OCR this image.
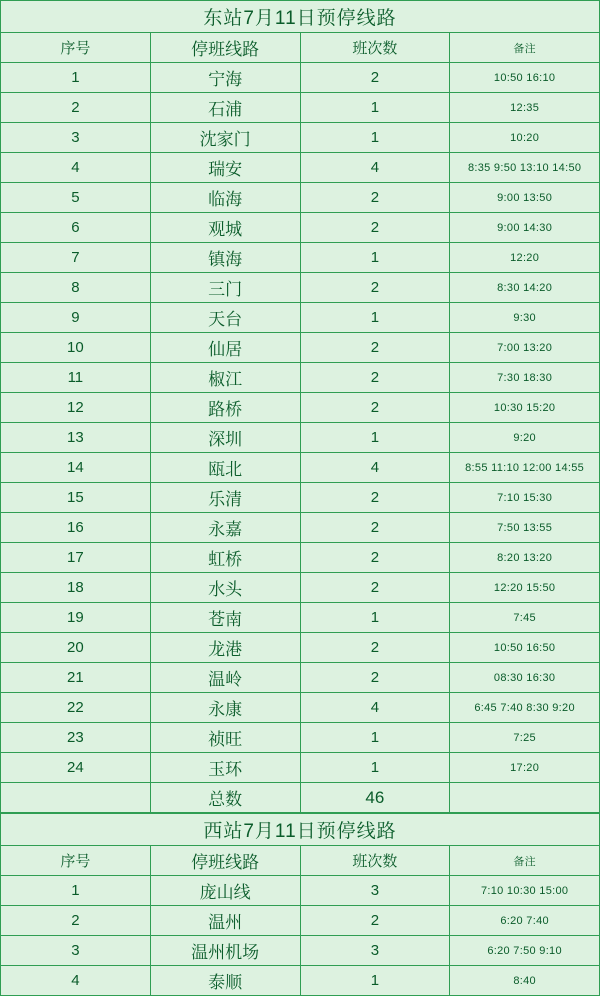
东站7月11日预停线路			
序号	停班线路	班次数	备注
1	宁海	2	10:50 16:10
2	石浦	1	12:35
3	沈家门	1	10:20
4	瑞安	4	8:35 9:50 13:10 14:50
5	临海	2	9:00 13:50
6	观城	2	9:00 14:30
7	镇海	1	12:20
8	三门	2	8:30 14:20
9	天台	1	9:30
10	仙居	2	7:00 13:20
11	椒江	2	7:30 18:30
12	路桥	2	10:30 15:20
13	深圳	1	9:20
14	瓯北	4	8:55 11:10 12:00 14:55
15	乐清	2	7:10 15:30
16	永嘉	2	7:50 13:55
17	虹桥	2	8:20 13:20
18	水头	2	12:20 15:50
19	苍南	1	7:45
20	龙港	2	10:50 16:50
21	温岭	2	08:30 16:30
22	永康	4	6:45 7:40 8:30 9:20
23	祯旺	1	7:25
24	玉环	1	17:20
	总数	46	
西站7月11日预停线路			
序号	停班线路	班次数	备注
1	庞山线	3	7:10 10:30 15:00
2	温州	2	6:20 7:40
3	温州机场	3	6:20 7:50 9:10
4	泰顺	1	8:40
